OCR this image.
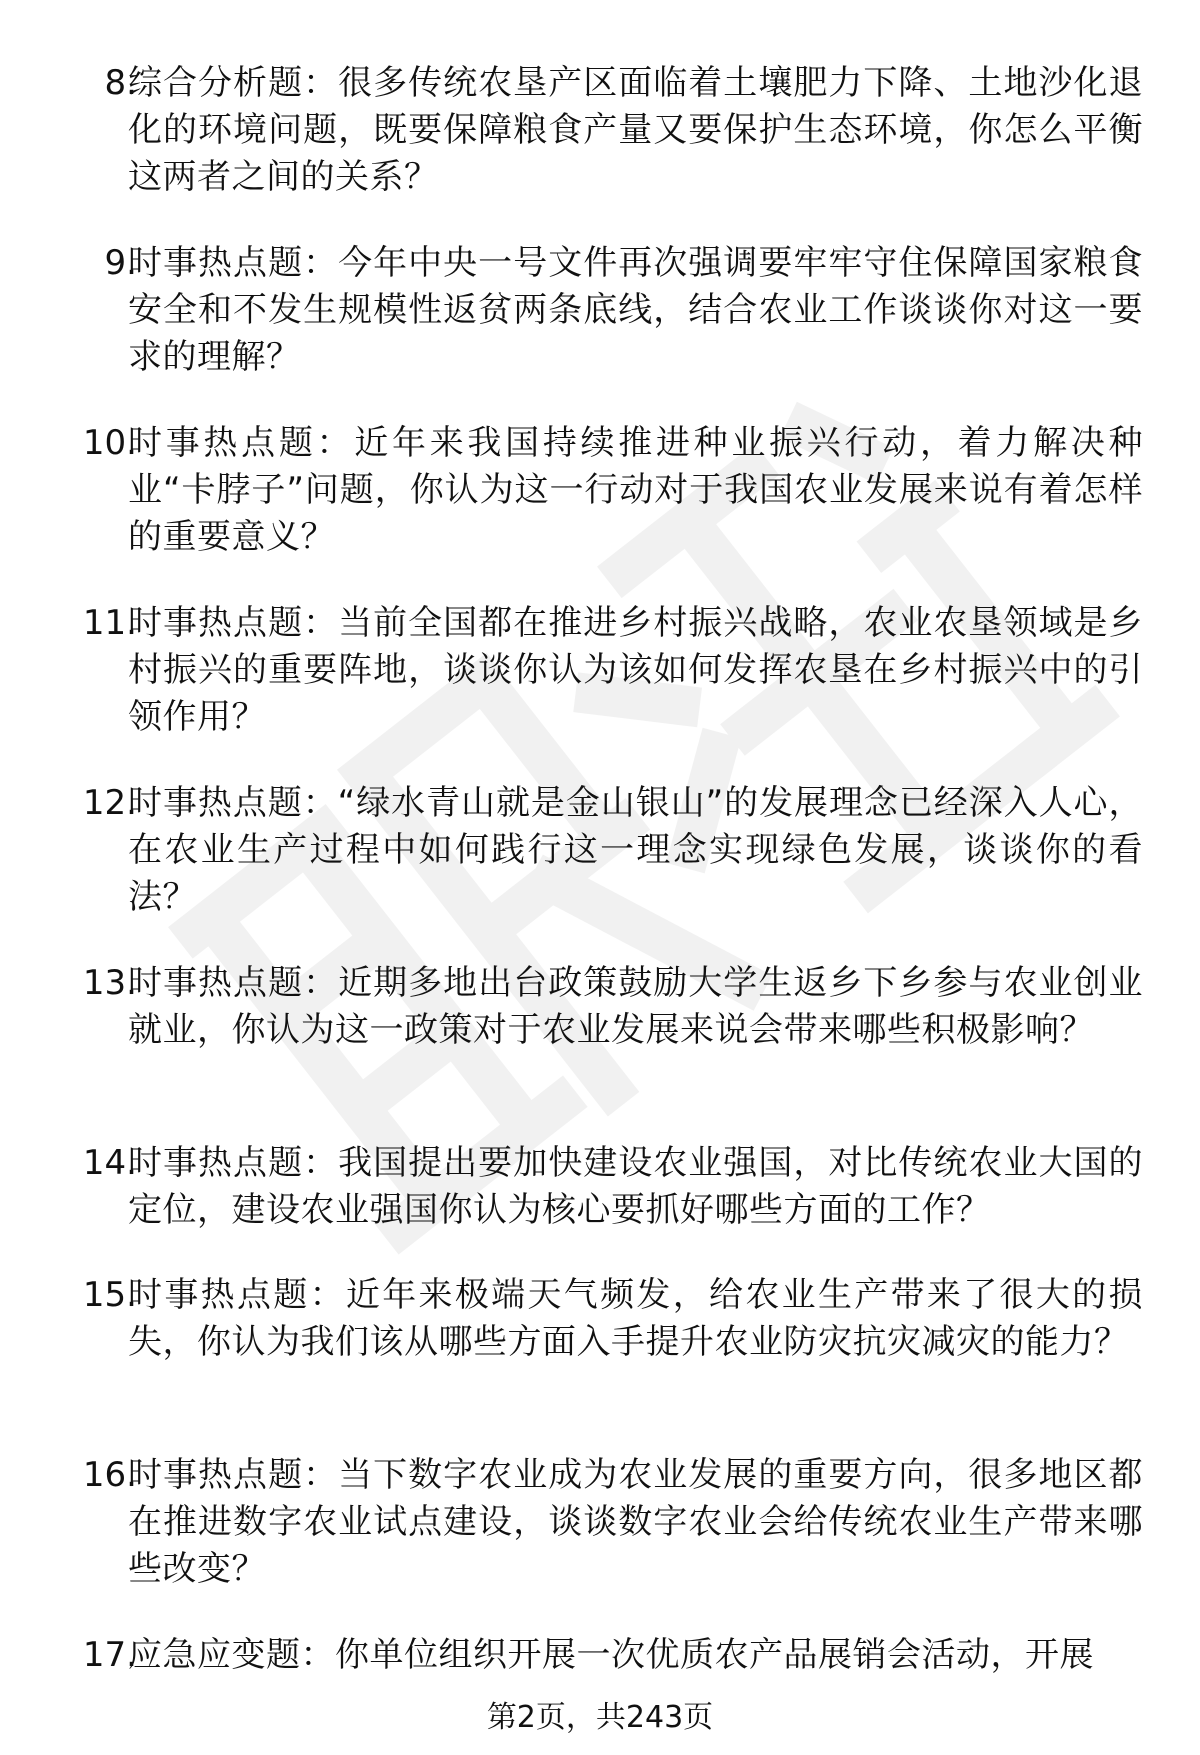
8.
综合分析题：很多传统农垦产区面临着土壤肥力下降、土地沙化退化的环境问题，既要保障粮食产量又要保护生态环境，你怎么平衡这两者之间的关系？
9.
时事热点题：今年中央一号文件再次强调要牢牢守住保障国家粮食安全和不发生规模性返贫两条底线，结合农业工作谈谈你对这一要求的理解？
10.
时事热点题：近年来我国持续推进种业振兴行动，着力解决种业“卡脖子”问题，你认为这一行动对于我国农业发展来说有着怎样的重要意义？
11.
时事热点题：当前全国都在推进乡村振兴战略，农业农垦领域是乡村振兴的重要阵地，谈谈你认为该如何发挥农垦在乡村振兴中的引领作用？
12.
时事热点题：“绿水青山就是金山银山”的发展理念已经深入人心，在农业生产过程中如何践行这一理念实现绿色发展，谈谈你的看法？
13.
时事热点题：近期多地出台政策鼓励大学生返乡下乡参与农业创业就业，你认为这一政策对于农业发展来说会带来哪些积极影响？
14.
时事热点题：我国提出要加快建设农业强国，对比传统农业大国的定位，建设农业强国你认为核心要抓好哪些方面的工作？
15.
时事热点题：近年来极端天气频发，给农业生产带来了很大的损失，你认为我们该从哪些方面入手提升农业防灾抗灾减灾的能力？
16.
时事热点题：当下数字农业成为农业发展的重要方向，很多地区都在推进数字农业试点建设，谈谈数字农业会给传统农业生产带来哪些改变？
17.
应急应变题：你单位组织开展一次优质农产品展销会活动，开展
第2页，共243页
